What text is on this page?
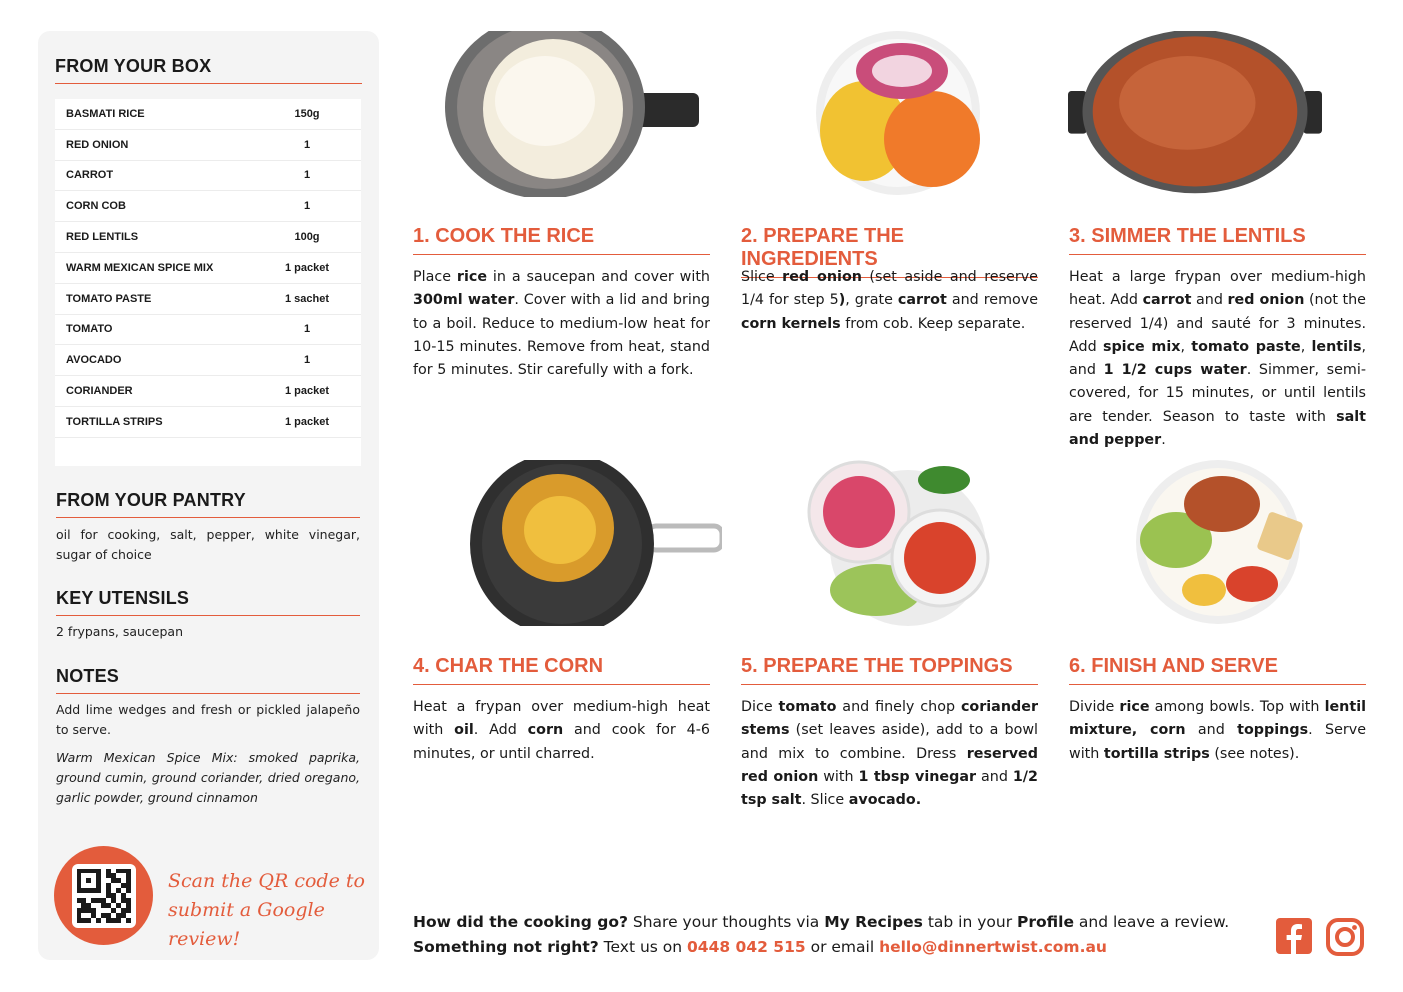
FROM YOUR BOX
BASMATI RICE	150g
RED ONION	1
CARROT	1
CORN COB	1
RED LENTILS	100g
WARM MEXICAN SPICE MIX	1 packet
TOMATO PASTE	1 sachet
TOMATO	1
AVOCADO	1
CORIANDER	1 packet
TORTILLA STRIPS	1 packet
FROM YOUR PANTRY
oil for cooking, salt, pepper, white vinegar, sugar of choice
KEY UTENSILS
2 frypans, saucepan
NOTES
Add lime wedges and fresh or pickled jalapeño to serve.
Warm Mexican Spice Mix: smoked paprika, ground cumin, ground coriander, dried oregano, garlic powder, ground cinnamon
Scan the QR code to
submit a Google review!
1. COOK THE RICE
Place rice in a saucepan and cover with 300ml water. Cover with a lid and bring to a boil. Reduce to medium-low heat for 10-15 minutes. Remove from heat, stand for 5 minutes. Stir carefully with a fork.
2. PREPARE THE INGREDIENTS
Slice red onion (set aside and reserve 1/4 for step 5), grate carrot and remove corn kernels from cob. Keep separate.
3. SIMMER THE LENTILS
Heat a large frypan over medium-high heat. Add carrot and red onion (not the reserved 1/4) and sauté for 3 minutes. Add spice mix, tomato paste, lentils, and 1 1/2 cups water. Simmer, semi-covered, for 15 minutes, or until lentils are tender. Season to taste with salt and pepper.
4. CHAR THE CORN
Heat a frypan over medium-high heat with oil. Add corn and cook for 4-6 minutes, or until charred.
5. PREPARE THE TOPPINGS
Dice tomato and finely chop coriander stems (set leaves aside), add to a bowl and mix to combine. Dress reserved red onion with 1 tbsp vinegar and 1/2 tsp salt. Slice avocado.
6. FINISH AND SERVE
Divide rice among bowls. Top with lentil mixture, corn and toppings. Serve with tortilla strips (see notes).
How did the cooking go? Share your thoughts via My Recipes tab in your Profile and leave a review.
Something not right? Text us on 0448 042 515 or email hello@dinnertwist.com.au
